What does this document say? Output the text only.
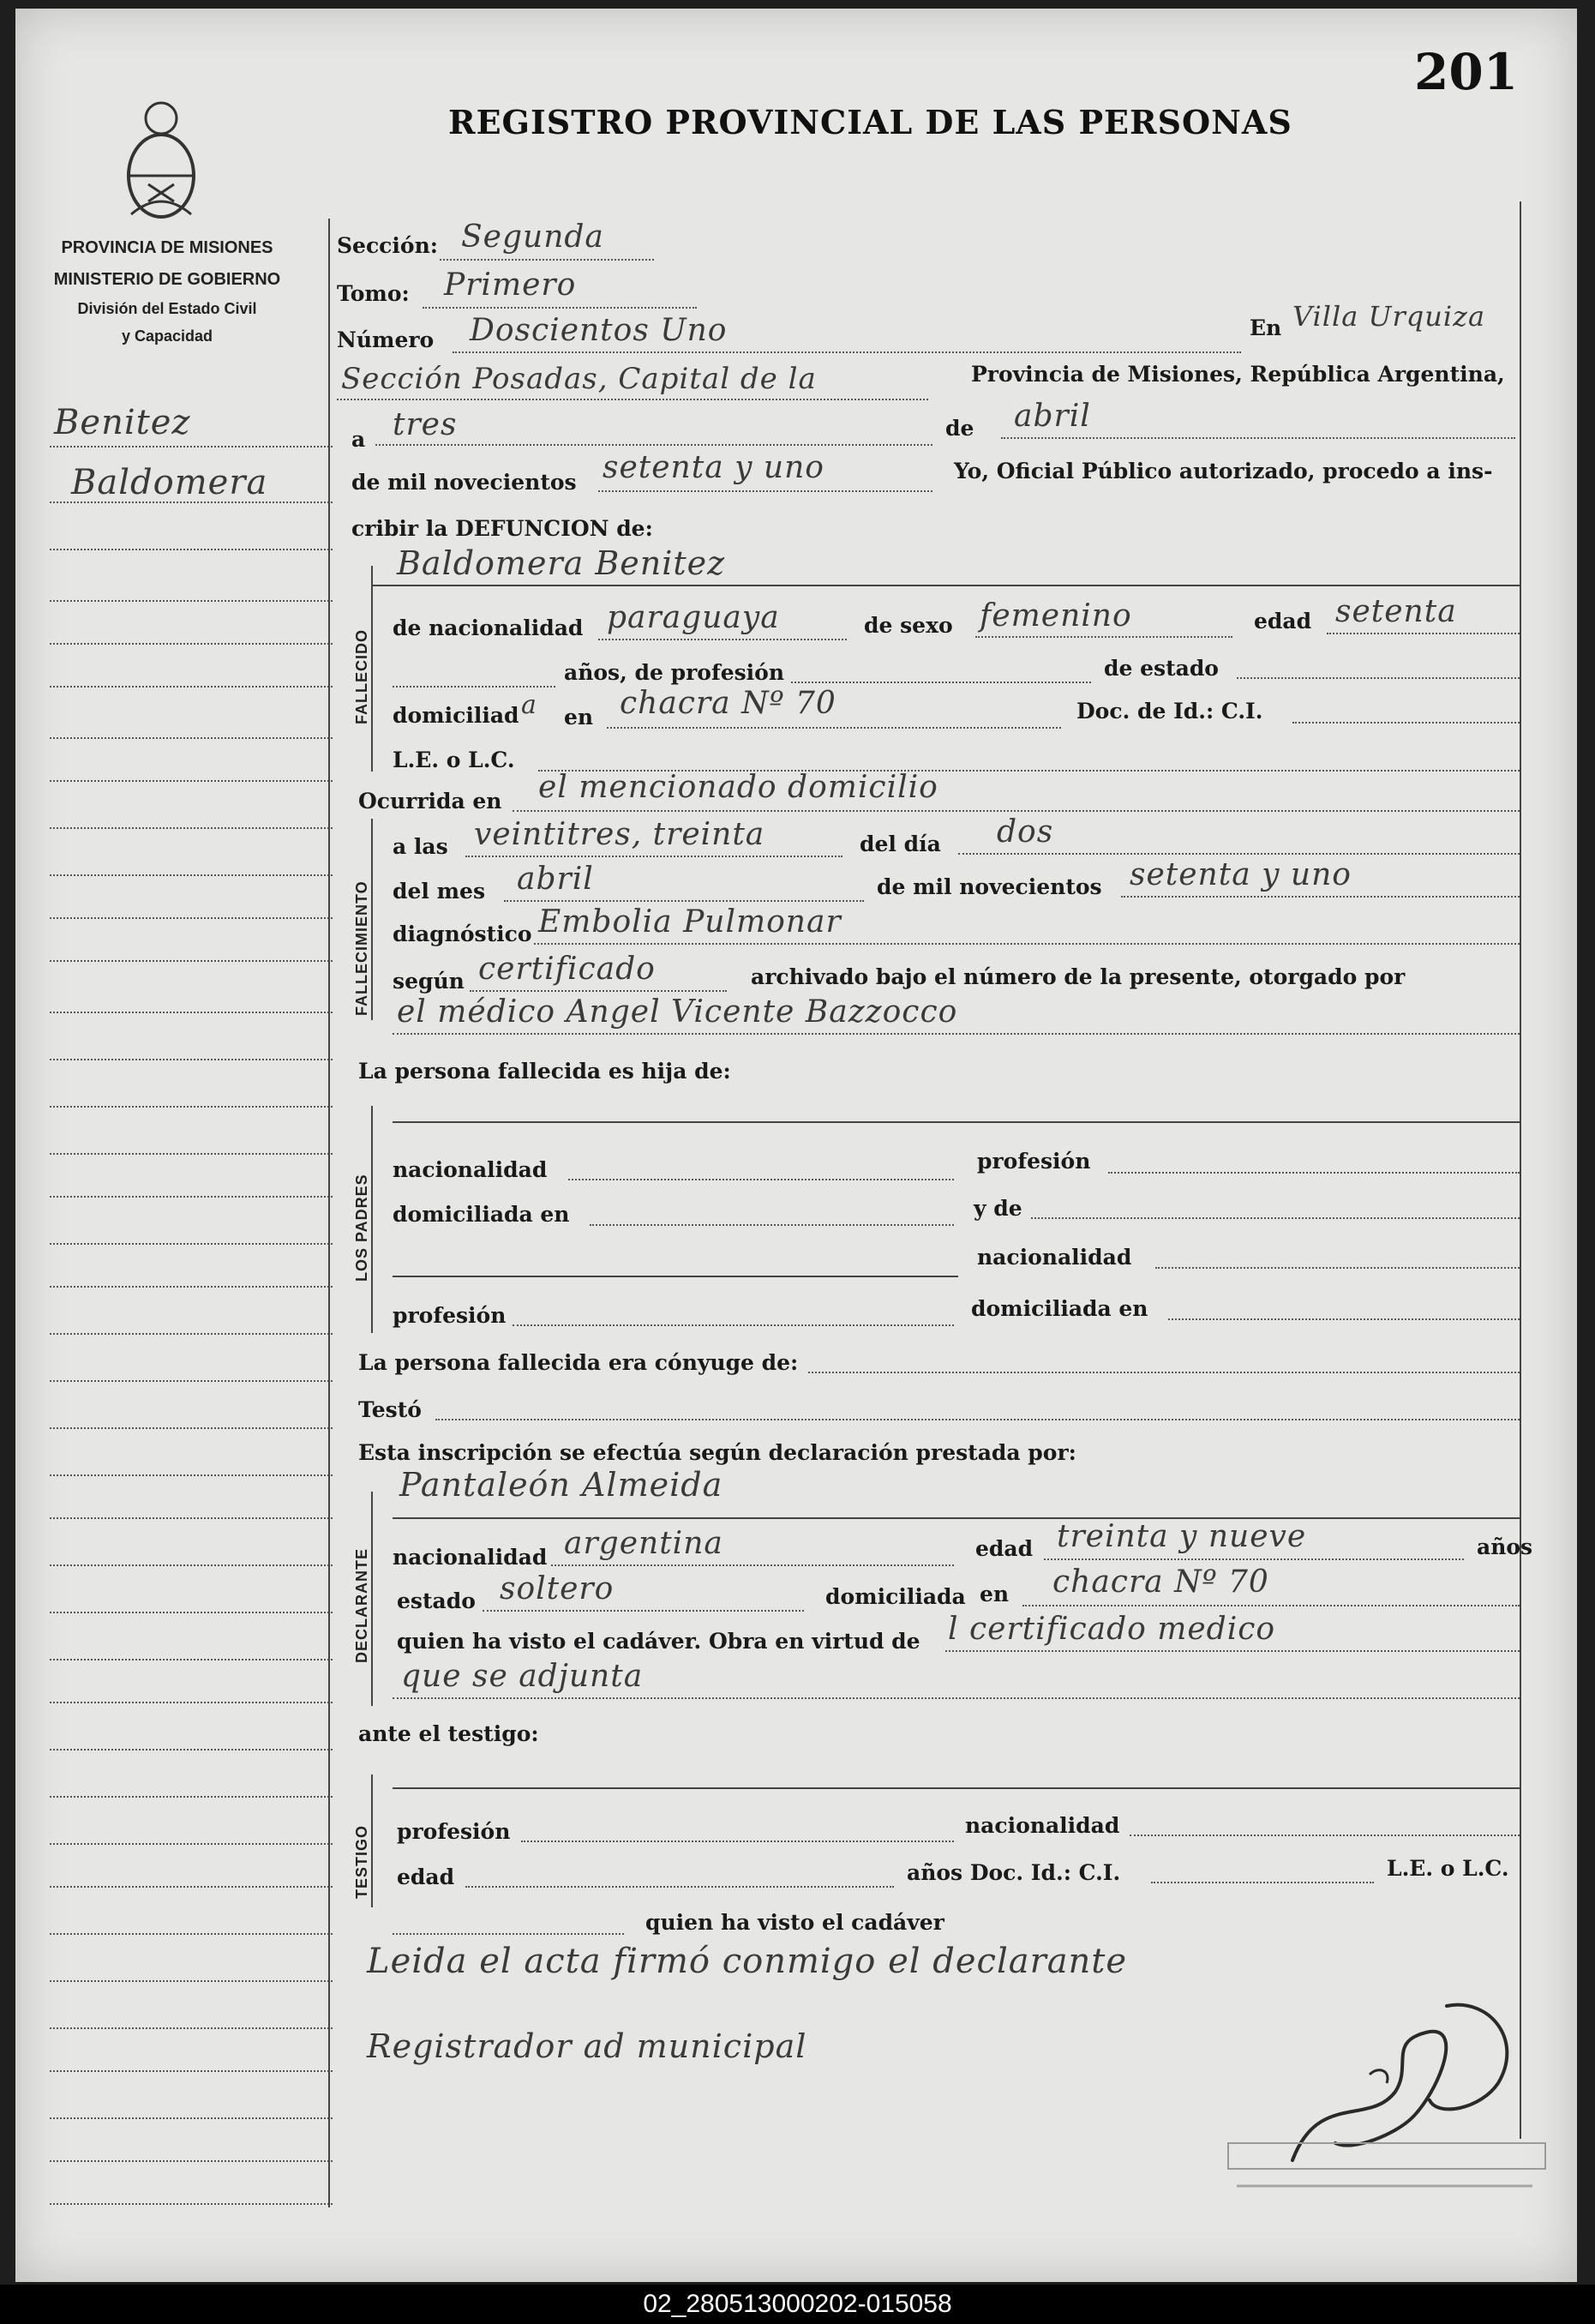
201
REGISTRO PROVINCIAL DE LAS PERSONAS
PROVINCIA DE MISIONES
MINISTERIO DE GOBIERNO
División del Estado Civil
y Capacidad
Benitez
Baldomera
Sección: Segunda
Tomo: Primero
Número Doscientos Uno	En Villa Urquiza
Sección Posadas, Capital de la	Provincia de Misiones, República Argentina,
a tres	de abril
de mil novecientos setenta y uno	Yo, Oficial Público autorizado, procedo a ins-
cribir la DEFUNCION de:
FALLECIDO
Baldomera Benitez
de nacionalidad paraguaya	de sexo femenino	edad setenta
años, de profesión	de estado
domiciliad a en chacra Nº 70	Doc. de Id.: C.I.
L.E. o L.C.
Ocurrida en el mencionado domicilio
FALLECIMIENTO
a las veintitres, treinta	del día dos
del mes abril	de mil novecientos setenta y uno
diagnóstico Embolia Pulmonar
según certificado	archivado bajo el número de la presente, otorgado por
el médico Angel Vicente Bazzocco
La persona fallecida es hija de:
LOS PADRES
nacionalidad	profesión
domiciliada en	y de
nacionalidad
profesión	domiciliada en
La persona fallecida era cónyuge de:
Testó
Esta inscripción se efectúa según declaración prestada por:
DECLARANTE
Pantaleón Almeida
nacionalidad argentina	edad treinta y nueve	años
estado soltero	domiciliada en chacra Nº 70
quien ha visto el cadáver. Obra en virtud de l certificado medico
que se adjunta
ante el testigo:
TESTIGO profesión	nacionalidad
edad	años Doc. Id.: C.I.	L.E. o L.C.
quien ha visto el cadáver
Leida el acta firmó conmigo el declarante
Registrador ad municipal
02_280513000202-015058
